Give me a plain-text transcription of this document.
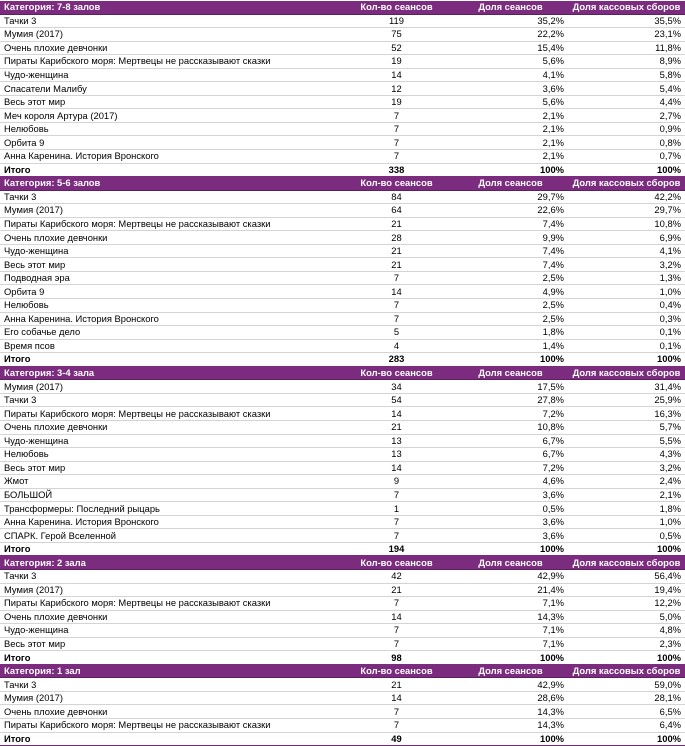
Категория: 7-8 залов	Кол-во сеансов	Доля сеансов	Доля кассовых сборов
Тачки 3	119	35,2%	35,5%
Мумия (2017)	75	22,2%	23,1%
Очень плохие девчонки	52	15,4%	11,8%
Пираты Карибского моря: Мертвецы не рассказывают сказки	19	5,6%	8,9%
Чудо-женщина	14	4,1%	5,8%
Спасатели Малибу	12	3,6%	5,4%
Весь этот мир	19	5,6%	4,4%
Меч короля Артура (2017)	7	2,1%	2,7%
Нелюбовь	7	2,1%	0,9%
Орбита 9	7	2,1%	0,8%
Анна Каренина. История Вронского	7	2,1%	0,7%
Итого	338	100%	100%
Категория: 5-6 залов	Кол-во сеансов	Доля сеансов	Доля кассовых сборов
Тачки 3	84	29,7%	42,2%
Мумия (2017)	64	22,6%	29,7%
Пираты Карибского моря: Мертвецы не рассказывают сказки	21	7,4%	10,8%
Очень плохие девчонки	28	9,9%	6,9%
Чудо-женщина	21	7,4%	4,1%
Весь этот мир	21	7,4%	3,2%
Подводная эра	7	2,5%	1,3%
Орбита 9	14	4,9%	1,0%
Нелюбовь	7	2,5%	0,4%
Анна Каренина. История Вронского	7	2,5%	0,3%
Его собачье дело	5	1,8%	0,1%
Время псов	4	1,4%	0,1%
Итого	283	100%	100%
Категория: 3-4 зала	Кол-во сеансов	Доля сеансов	Доля кассовых сборов
Мумия (2017)	34	17,5%	31,4%
Тачки 3	54	27,8%	25,9%
Пираты Карибского моря: Мертвецы не рассказывают сказки	14	7,2%	16,3%
Очень плохие девчонки	21	10,8%	5,7%
Чудо-женщина	13	6,7%	5,5%
Нелюбовь	13	6,7%	4,3%
Весь этот мир	14	7,2%	3,2%
Жмот	9	4,6%	2,4%
БОЛЬШОЙ	7	3,6%	2,1%
Трансформеры: Последний рыцарь	1	0,5%	1,8%
Анна Каренина. История Вронского	7	3,6%	1,0%
СПАРК. Герой Вселенной	7	3,6%	0,5%
Итого	194	100%	100%
Категория: 2 зала	Кол-во сеансов	Доля сеансов	Доля кассовых сборов
Тачки 3	42	42,9%	56,4%
Мумия (2017)	21	21,4%	19,4%
Пираты Карибского моря: Мертвецы не рассказывают сказки	7	7,1%	12,2%
Очень плохие девчонки	14	14,3%	5,0%
Чудо-женщина	7	7,1%	4,8%
Весь этот мир	7	7,1%	2,3%
Итого	98	100%	100%
Категория: 1 зал	Кол-во сеансов	Доля сеансов	Доля кассовых сборов
Тачки 3	21	42,9%	59,0%
Мумия (2017)	14	28,6%	28,1%
Очень плохие девчонки	7	14,3%	6,5%
Пираты Карибского моря: Мертвецы не рассказывают сказки	7	14,3%	6,4%
Итого	49	100%	100%
